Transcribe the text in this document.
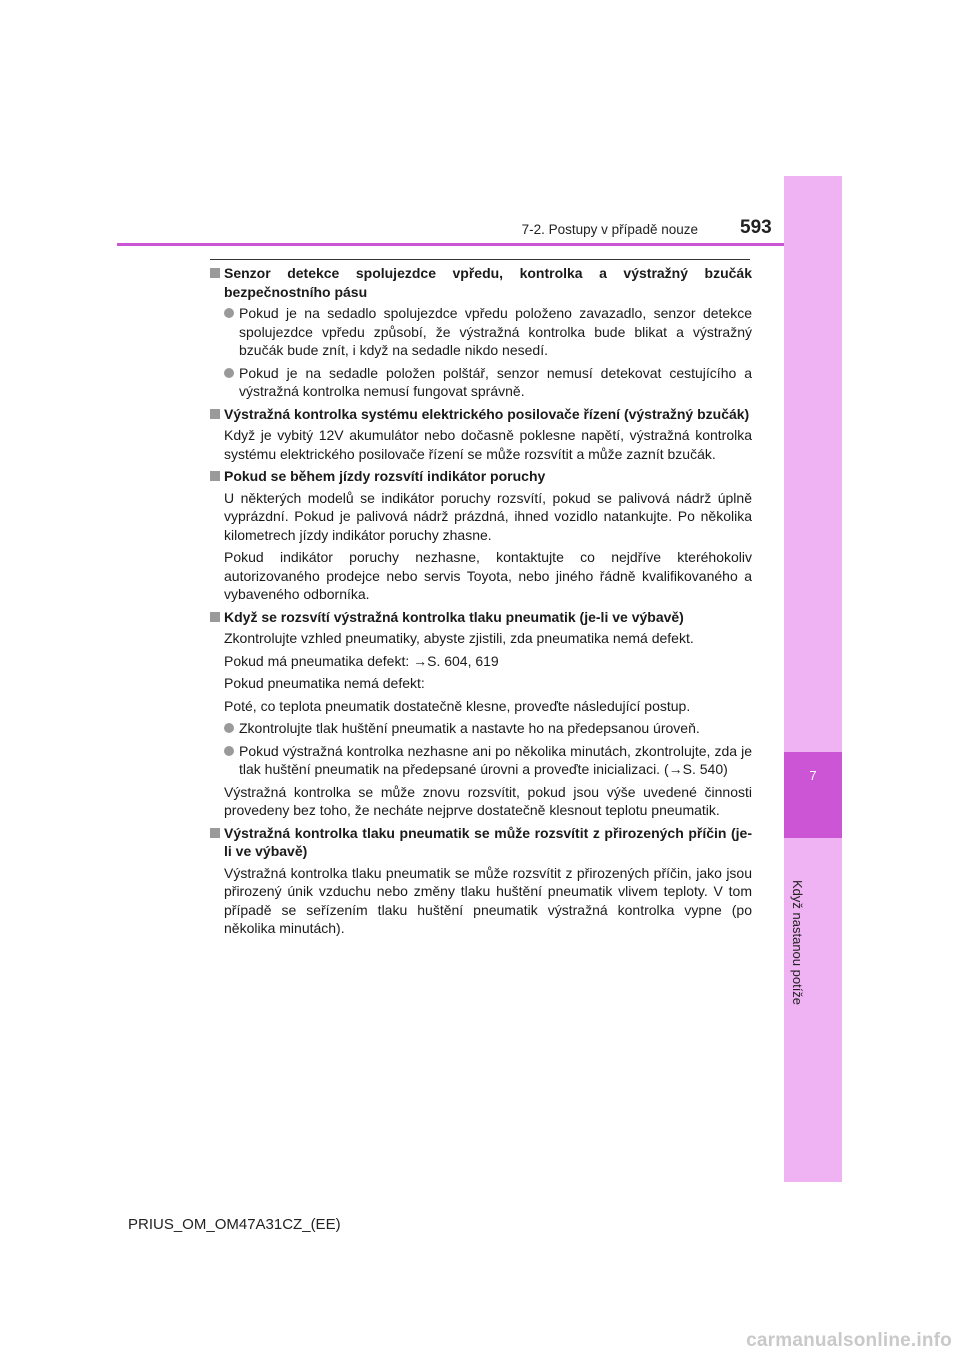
7
Když nastanou potíže
7-2. Postupy v případě nouze 593
Senzor detekce spolujezdce vpředu, kontrolka a výstražný bzučák bezpečnostního pásu
Pokud je na sedadlo spolujezdce vpředu položeno zavazadlo, senzor detekce spolujezdce vpředu způsobí, že výstražná kontrolka bude blikat a výstražný bzučák bude znít, i když na sedadle nikdo nesedí.
Pokud je na sedadle položen polštář, senzor nemusí detekovat cestujícího a výstražná kontrolka nemusí fungovat správně.
Výstražná kontrolka systému elektrického posilovače řízení (výstražný bzučák)
Když je vybitý 12V akumulátor nebo dočasně poklesne napětí, výstražná kontrolka systému elektrického posilovače řízení se může rozsvítit a může zaznít bzučák.
Pokud se během jízdy rozsvítí indikátor poruchy
U některých modelů se indikátor poruchy rozsvítí, pokud se palivová nádrž úplně vyprázdní. Pokud je palivová nádrž prázdná, ihned vozidlo natankujte. Po několika kilometrech jízdy indikátor poruchy zhasne.
Pokud indikátor poruchy nezhasne, kontaktujte co nejdříve kteréhokoliv autorizovaného prodejce nebo servis Toyota, nebo jiného řádně kvalifikovaného a vybaveného odborníka.
Když se rozsvítí výstražná kontrolka tlaku pneumatik (je-li ve výbavě)
Zkontrolujte vzhled pneumatiky, abyste zjistili, zda pneumatika nemá defekt.
Pokud má pneumatika defekt: →S. 604, 619
Pokud pneumatika nemá defekt:
Poté, co teplota pneumatik dostatečně klesne, proveďte následující postup.
Zkontrolujte tlak huštění pneumatik a nastavte ho na předepsanou úroveň.
Pokud výstražná kontrolka nezhasne ani po několika minutách, zkontrolujte, zda je tlak huštění pneumatik na předepsané úrovni a proveďte inicializaci. (→S. 540)
Výstražná kontrolka se může znovu rozsvítit, pokud jsou výše uvedené činnosti provedeny bez toho, že necháte nejprve dostatečně klesnout teplotu pneumatik.
Výstražná kontrolka tlaku pneumatik se může rozsvítit z přirozených příčin (je-li ve výbavě)
Výstražná kontrolka tlaku pneumatik se může rozsvítit z přirozených příčin, jako jsou přirozený únik vzduchu nebo změny tlaku huštění pneumatik vlivem teploty. V tom případě se seřízením tlaku huštění pneumatik výstražná kontrolka vypne (po několika minutách).
PRIUS_OM_OM47A31CZ_(EE)
carmanualsonline.info
